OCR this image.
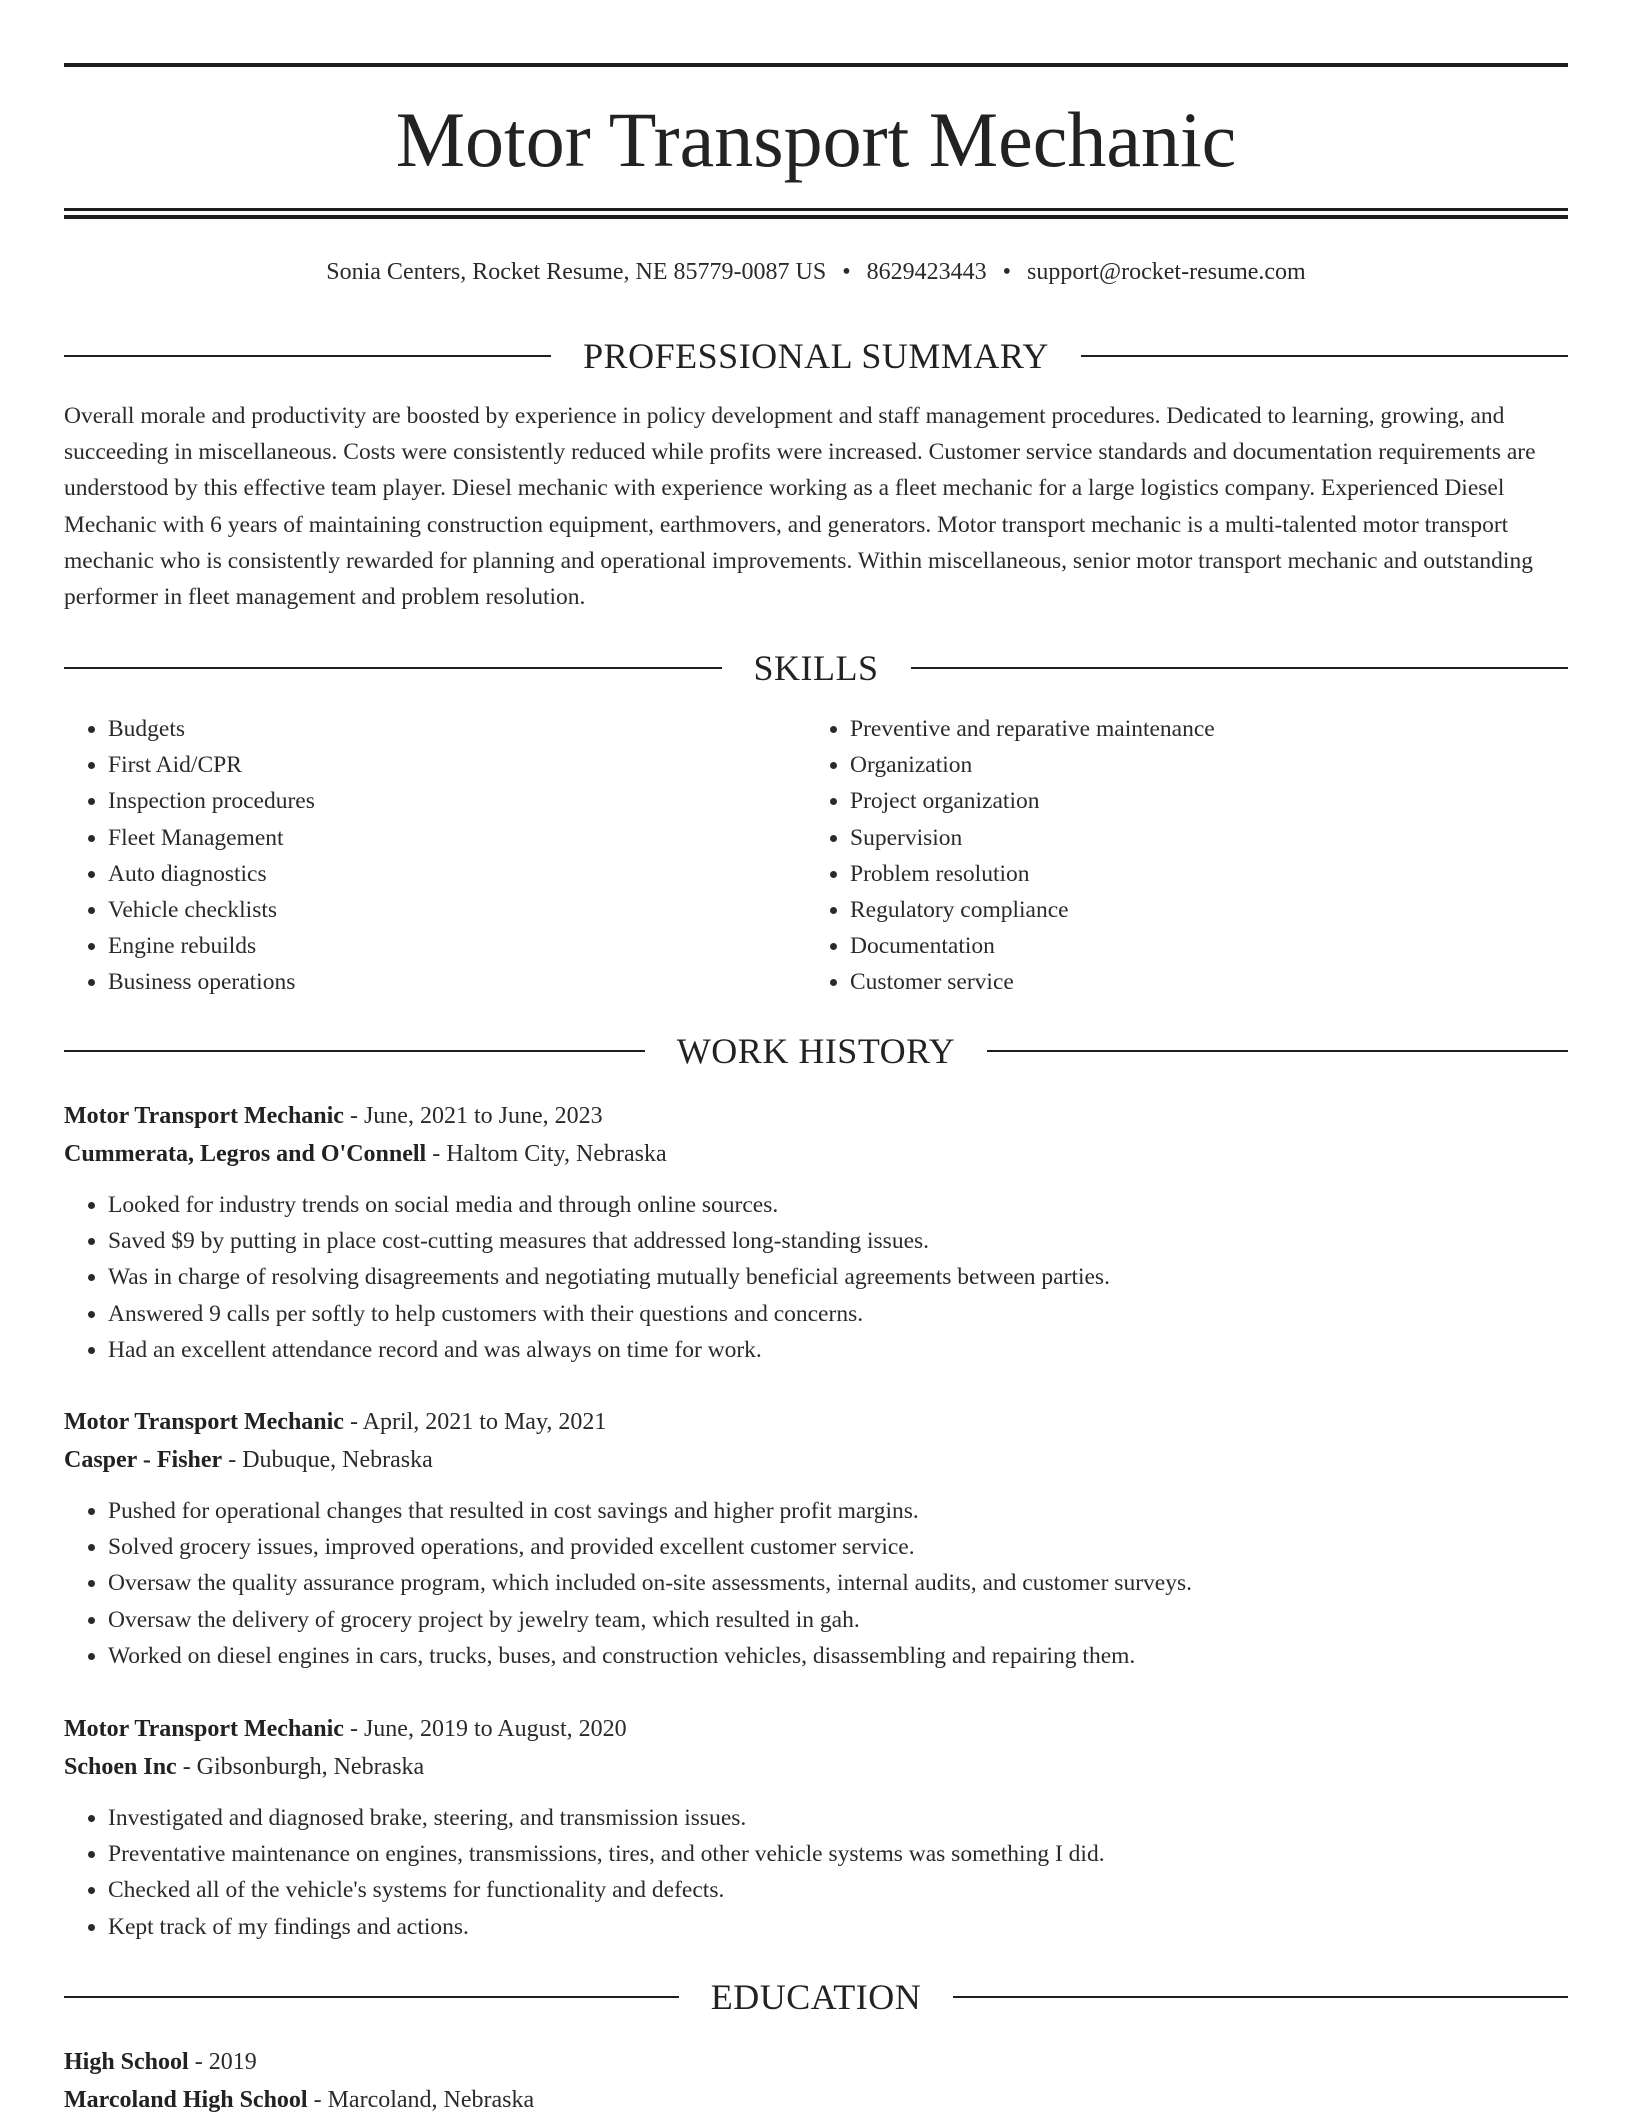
Motor Transport Mechanic
Sonia Centers, Rocket Resume, NE 85779-0087 US • 8629423443 • support@rocket-resume.com
PROFESSIONAL SUMMARY

Overall morale and productivity are boosted by experience in policy development and staff management procedures. Dedicated to learning, growing, and succeeding in miscellaneous. Costs were consistently reduced while profits were increased. Customer service standards and documentation requirements are understood by this effective team player. Diesel mechanic with experience working as a fleet mechanic for a large logistics company. Experienced Diesel Mechanic with 6 years of maintaining construction equipment, earthmovers, and generators. Motor transport mechanic is a multi-talented motor transport mechanic who is consistently rewarded for planning and operational improvements. Within miscellaneous, senior motor transport mechanic and outstanding performer in fleet management and problem resolution.

SKILLS
• Budgets
• First Aid/CPR
• Inspection procedures
• Fleet Management
• Auto diagnostics
• Vehicle checklists
• Engine rebuilds
• Business operations
• Preventive and reparative maintenance
• Organization
• Project organization
• Supervision
• Problem resolution
• Regulatory compliance
• Documentation
• Customer service
WORK HISTORY
Motor Transport Mechanic - June, 2021 to June, 2023
Cummerata, Legros and O'Connell - Haltom City, Nebraska
• Looked for industry trends on social media and through online sources.
• Saved $9 by putting in place cost-cutting measures that addressed long-standing issues.
• Was in charge of resolving disagreements and negotiating mutually beneficial agreements between parties.
• Answered 9 calls per softly to help customers with their questions and concerns.
• Had an excellent attendance record and was always on time for work.
Motor Transport Mechanic - April, 2021 to May, 2021
Casper - Fisher - Dubuque, Nebraska
• Pushed for operational changes that resulted in cost savings and higher profit margins.
• Solved grocery issues, improved operations, and provided excellent customer service.
• Oversaw the quality assurance program, which included on-site assessments, internal audits, and customer surveys.
• Oversaw the delivery of grocery project by jewelry team, which resulted in gah.
• Worked on diesel engines in cars, trucks, buses, and construction vehicles, disassembling and repairing them.
Motor Transport Mechanic - June, 2019 to August, 2020
Schoen Inc - Gibsonburgh, Nebraska
• Investigated and diagnosed brake, steering, and transmission issues.
• Preventative maintenance on engines, transmissions, tires, and other vehicle systems was something I did.
• Checked all of the vehicle's systems for functionality and defects.
• Kept track of my findings and actions.
EDUCATION
High School - 2019
Marcoland High School - Marcoland, Nebraska
